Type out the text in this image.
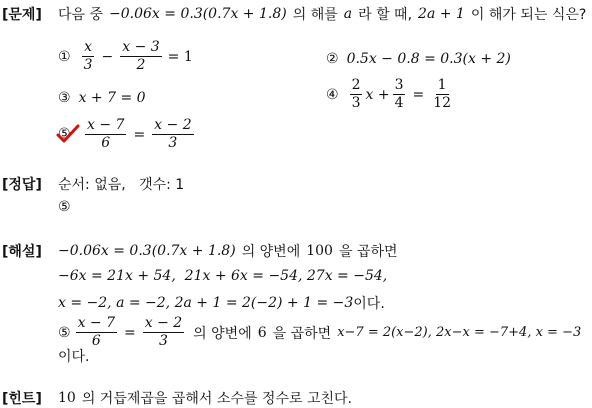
[문제] 다음 중 −0.06x = 0.3(0.7x + 1.8) 의 해를 a 라 할 때, 2a + 1 이 해가 되는 식은?
① $\frac{x}{3} - \frac{x - 3}{2} = 1$	② 0.5x − 0.8 = 0.3(x + 2)
③ x + 7 = 0	④ $\frac{2}{3}$ $x + \frac{3}{4} = \frac{1}{12}$
⑤ $\frac{x - 7}{6} = \frac{x - 2}{3}$
[정답] 순서: 없음,   갯수: 1
⑤
[해설] −0.06x = 0.3(0.7x + 1.8) 의 양변에 100 을 곱하면
−6x = 21x + 54,  21x + 6x = −54, 27x = −54,
x = −2, a = −2, 2a + 1 = 2(−2) + 1 = −3 이다.
⑤ $\frac{x - 7}{6} = \frac{x - 2}{3}$ 의 양변에 6 을 곱하면 x−7 = 2(x−2), 2x−x = −7+4, x = −3
이다.
[힌트] 10 의 거듭제곱을 곱해서 소수를 정수로 고친다.
